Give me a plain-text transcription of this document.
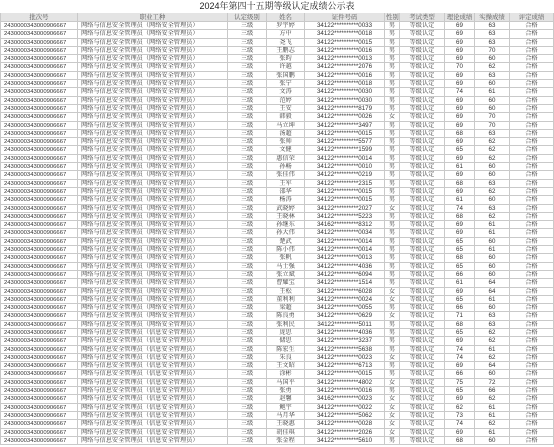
2024年第四十五期等级认定成绩公示表
批次号	职业工种	认定级别	姓名	证件号码	性别	考试类型	理论成绩	实操成绩	评定成绩
2430000343000906667	网络与信息安全管理员（网络安全管理员）	三级	罗宇婷	34122**********0033	男	等级认定	69	63	合格
2430000343000906667	网络与信息安全管理员（网络安全管理员）	三级	方中	34122**********0018	男	等级认定	69	63	合格
2430000343000906667	网络与信息安全管理员（网络安全管理员）	三级	尧飞	34122**********0015	男	等级认定	69	63	合格
2430000343000906667	网络与信息安全管理员（网络安全管理员）	三级	王鹏志	34122**********0016	男	等级认定	69	70	合格
2430000343000906667	网络与信息安全管理员（网络安全管理员）	三级	张昀	34122**********0013	男	等级认定	69	60	合格
2430000343000906667	网络与信息安全管理员（网络安全管理员）	三级	许越	34122**********2076	男	等级认定	70	62	合格
2430000343000906667	网络与信息安全管理员（网络安全管理员）	三级	张国鹏	34122**********0016	男	等级认定	69	63	合格
2430000343000906667	网络与信息安全管理员（网络安全管理员）	三级	张宁	34122**********0018	男	等级认定	69	60	合格
2430000343000906667	网络与信息安全管理员（网络安全管理员）	三级	文涛	34122**********0030	男	等级认定	74	61	合格
2430000343000906667	网络与信息安全管理员（网络安全管理员）	三级	范婷	34122**********0030	男	等级认定	69	60	合格
2430000343000906667	网络与信息安全管理员（网络安全管理员）	三级	王安	34122**********8179	男	等级认定	69	60	合格
2430000343000906667	网络与信息安全管理员（网络安全管理员）	三级	韩毅	34122**********0026	女	等级认定	69	70	合格
2430000343000906667	网络与信息安全管理员（网络安全管理员）	三级	马立坤	34122**********3497	男	等级认定	69	70	合格
2430000343000906667	网络与信息安全管理员（网络安全管理员）	三级	汤超	34122**********0015	男	等级认定	68	63	合格
2430000343000906667	网络与信息安全管理员（网络安全管理员）	三级	张帅	34122**********5577	男	等级认定	69	62	合格
2430000343000906667	网络与信息安全管理员（网络安全管理员）	三级	文健	34122**********1599	男	等级认定	65	62	合格
2430000343000906667	网络与信息安全管理员（网络安全管理员）	三级	惠信荣	34122**********0014	男	等级认定	69	62	合格
2430000343000906667	网络与信息安全管理员（网络安全管理员）	三级	孙畅	34122**********0010	男	等级认定	61	60	合格
2430000343000906667	网络与信息安全管理员（网络安全管理员）	三级	张佳伟	34122**********0219	男	等级认定	69	60	合格
2430000343000906667	网络与信息安全管理员（网络安全管理员）	三级	王军	34122**********2315	男	等级认定	68	63	合格
2430000343000906667	网络与信息安全管理员（网络安全管理员）	三级	邵华	34122**********0015	男	等级认定	69	62	合格
2430000343000906667	网络与信息安全管理员（网络安全管理员）	三级	杨涛	34122**********0015	男	等级认定	61	60	合格
2430000343000906667	网络与信息安全管理员（网络安全管理员）	三级	武晓婷	34122**********2027	女	等级认定	74	63	合格
2430000343000906667	网络与信息安全管理员（网络安全管理员）	三级	王晓林	34122**********5223	男	等级认定	68	62	合格
2430000343000906667	网络与信息安全管理员（网络安全管理员）	三级	孙继东	34162**********8312	男	等级认定	69	61	合格
2430000343000906667	网络与信息安全管理员（网络安全管理员）	三级	孙大伟	34122**********0034	男	等级认定	69	61	合格
2430000343000906667	网络与信息安全管理员（网络安全管理员）	三级	楚武	34122**********0014	男	等级认定	65	60	合格
2430000343000906667	网络与信息安全管理员（网络安全管理员）	三级	陈小伟	34122**********0014	男	等级认定	65	61	合格
2430000343000906667	网络与信息安全管理员（网络安全管理员）	三级	张帆	34122**********0013	男	等级认定	68	60	合格
2430000343000906667	网络与信息安全管理员（网络安全管理员）	三级	马士强	34122**********4036	男	等级认定	65	60	合格
2430000343000906667	网络与信息安全管理员（网络安全管理员）	三级	张立斌	34122**********6094	男	等级认定	66	60	合格
2430000343000906667	网络与信息安全管理员（网络安全管理员）	三级	曹耀宝	34122**********1514	男	等级认定	61	64	合格
2430000343000906667	网络与信息安全管理员（网络安全管理员）	三级	王松	34122**********6028	女	等级认定	69	64	合格
2430000343000906667	网络与信息安全管理员（网络安全管理员）	三级	董利利	34122**********0024	女	等级认定	65	61	合格
2430000343000906667	网络与信息安全管理员（网络安全管理员）	三级	梁超	34122**********0055	男	等级认定	66	60	合格
2430000343000906667	网络与信息安全管理员（网络安全管理员）	三级	陈良勇	34122**********0629	女	等级认定	71	63	合格
2430000343000906667	网络与信息安全管理员（网络安全管理员）	三级	张利民	34122**********5011	男	等级认定	68	63	合格
2430000343000906667	网络与信息安全管理员（信息安全管理员）	三级	庞思	34122**********4036	男	等级认定	65	62	合格
2430000343000906667	网络与信息安全管理员（信息安全管理员）	三级	储思	34122**********3237	男	等级认定	69	62	合格
2430000343000906667	网络与信息安全管理员（信息安全管理员）	三级	陈宏生	34122**********5638	男	等级认定	74	61	合格
2430000343000906667	网络与信息安全管理员（信息安全管理员）	三级	朱良	34122**********0023	女	等级认定	74	62	合格
2430000343000906667	网络与信息安全管理员（信息安全管理员）	三级	王文昭	34122**********6713	男	等级认定	69	64	合格
2430000343000906667	网络与信息安全管理员（信息安全管理员）	三级	涂彬	34122**********0015	男	等级认定	66	60	合格
2430000343000906667	网络与信息安全管理员（信息安全管理员）	三级	马国平	34122**********4802	女	等级认定	75	72	合格
2430000343000906667	网络与信息安全管理员（信息安全管理员）	三级	张勇	34122**********0016	男	等级认定	65	66	合格
2430000343000906667	网络与信息安全管理员（信息安全管理员）	三级	赵馨	34162**********0023	女	等级认定	69	62	合格
2430000343000906667	网络与信息安全管理员（信息安全管理员）	三级	鲍宇	34122**********0022	女	等级认定	62	61	合格
2430000343000906667	网络与信息安全管理员（信息安全管理员）	三级	马月华	34122**********5062	女	等级认定	73	61	合格
2430000343000906667	网络与信息安全管理员（信息安全管理员）	三级	王晓惠	34122**********0028	女	等级认定	74	62	合格
2430000343000906667	网络与信息安全管理员（信息安全管理员）	三级	胡佳琪	34122**********2026	女	等级认定	69	61	合格
2430000343000906667	网络与信息安全管理员（信息安全管理员）	三级	张金程	34122**********5610	男	等级认定	68	60	合格
